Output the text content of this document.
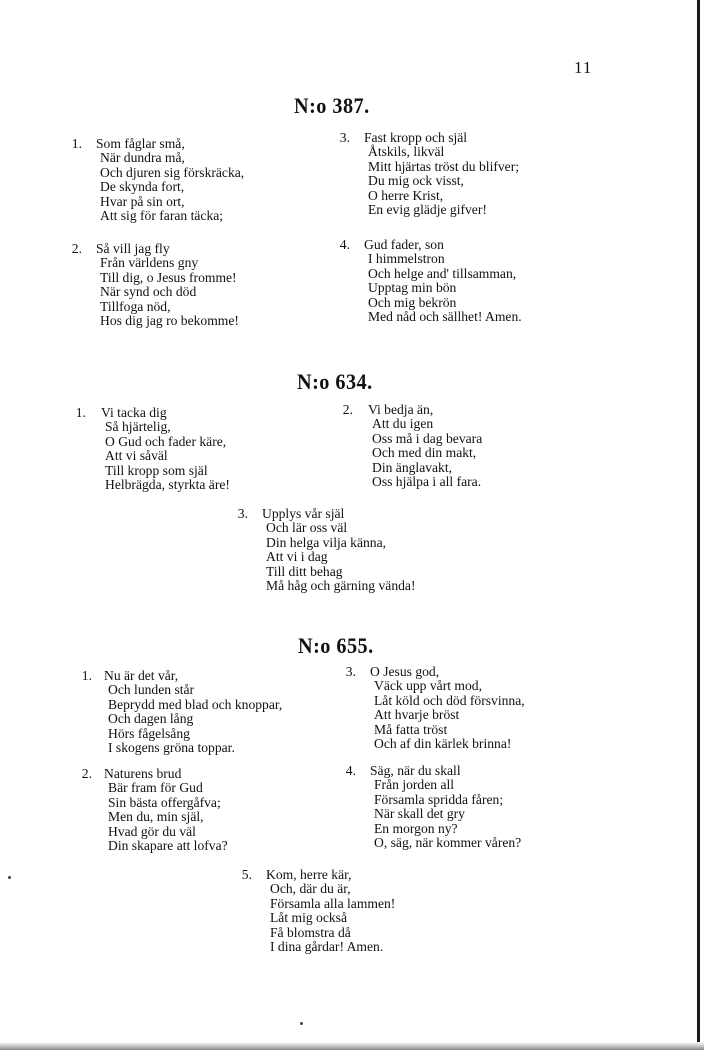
11
N:o 387.
1. Som fåglar små,
När dundra må,
Och djuren sig förskräcka,
De skynda fort,
Hvar på sin ort,
Att sig för faran täcka;
2. Så vill jag fly
Från världens gny
Till dig, o Jesus fromme!
När synd och död
Tillfoga nöd,
Hos dig jag ro bekomme!
3. Fast kropp och själ
Åtskils, likväl
Mitt hjärtas tröst du blifver;
Du mig ock visst,
O herre Krist,
En evig glädje gifver!
4. Gud fader, son
I himmelstron
Och helge and' tillsamman,
Upptag min bön
Och mig bekrön
Med nåd och sällhet! Amen.
N:o 634.
1. Vi tacka dig
Så hjärtelig,
O Gud och fader käre,
Att vi såväl
Till kropp som själ
Helbrägda, styrkta äre!
2. Vi bedja än,
Att du igen
Oss må i dag bevara
Och med din makt,
Din änglavakt,
Oss hjälpa i all fara.
3. Upplys vår själ
Och lär oss väl
Din helga vilja känna,
Att vi i dag
Till ditt behag
Må håg och gärning vända!
N:o 655.
1. Nu är det vår,
Och lunden står
Beprydd med blad och knoppar,
Och dagen lång
Hörs fågelsång
I skogens gröna toppar.
2. Naturens brud
Bär fram för Gud
Sin bästa offergåfva;
Men du, min själ,
Hvad gör du väl
Din skapare att lofva?
3. O Jesus god,
Väck upp vårt mod,
Låt köld och död försvinna,
Att hvarje bröst
Må fatta tröst
Och af din kärlek brinna!
4. Säg, när du skall
Från jorden all
Församla spridda fåren;
När skall det gry
En morgon ny?
O, säg, när kommer våren?
5. Kom, herre kär,
Och, där du är,
Församla alla lammen!
Låt mig också
Få blomstra då
I dina gårdar! Amen.
